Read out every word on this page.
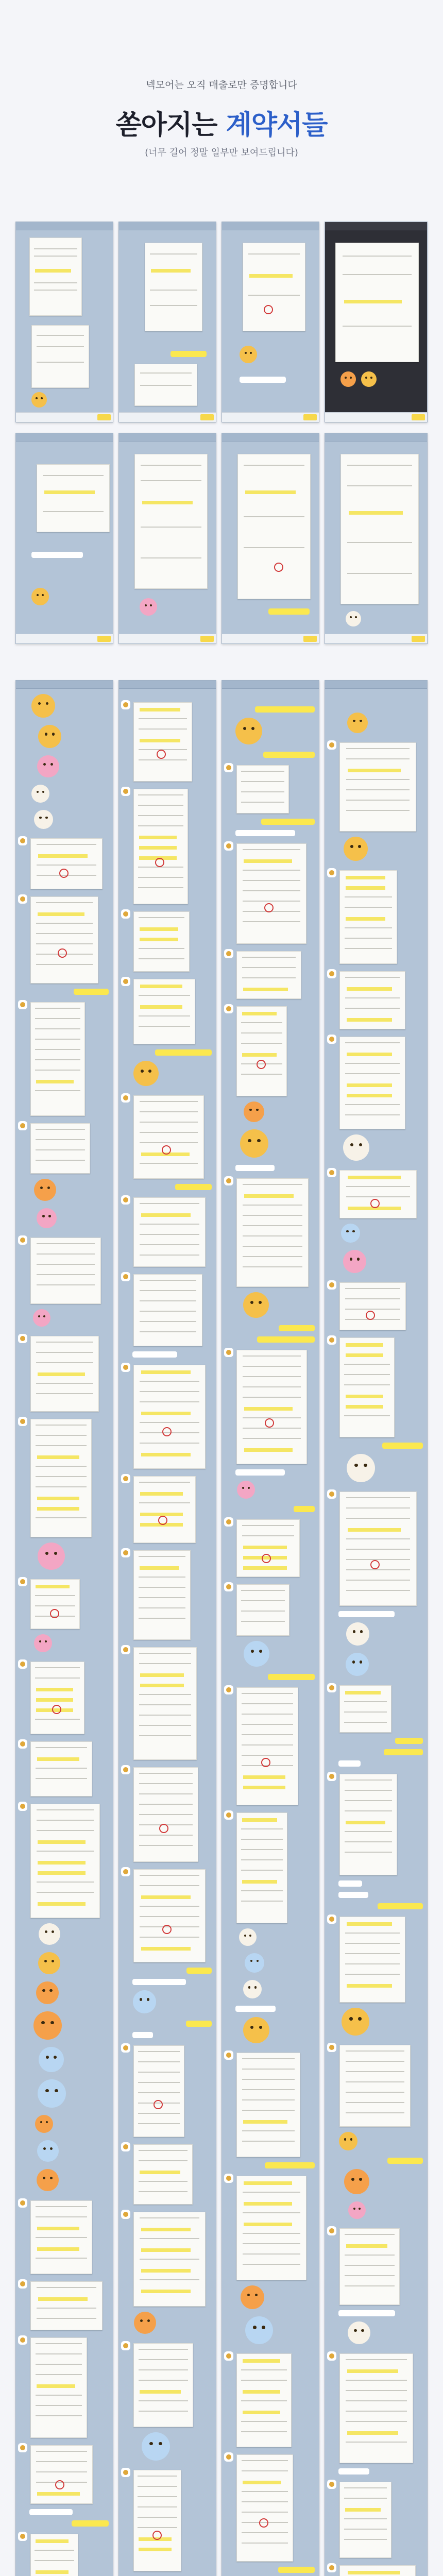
넥모어는 오직 매출로만 증명합니다
쏟아지는 계약서들
(너무 길어 정말 일부만 보여드립니다)
